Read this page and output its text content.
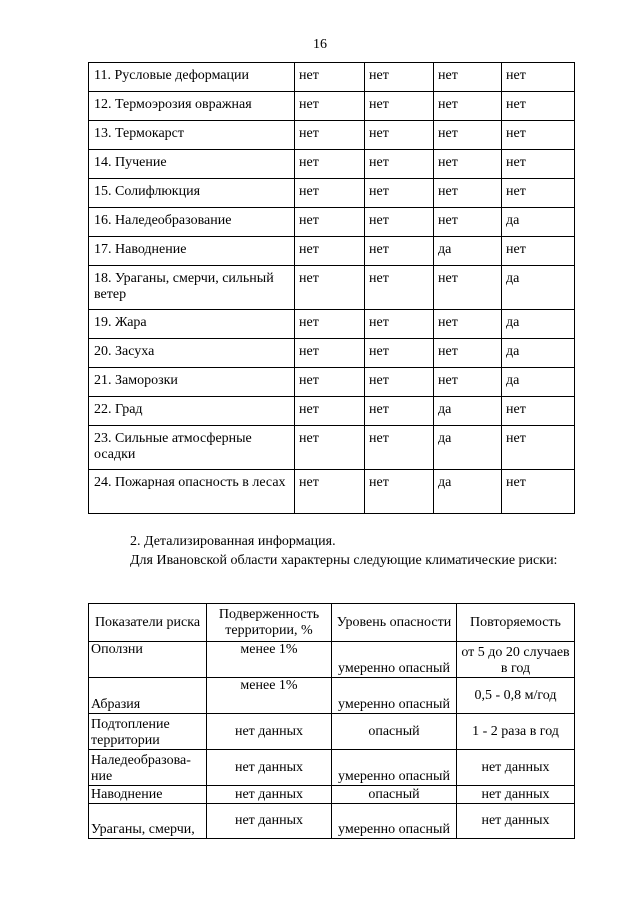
16
11. Русловые деформации	нет	нет	нет	нет
12. Термоэрозия овражная	нет	нет	нет	нет
13. Термокарст	нет	нет	нет	нет
14. Пучение	нет	нет	нет	нет
15. Солифлюкция	нет	нет	нет	нет
16. Наледеобразование	нет	нет	нет	да
17. Наводнение	нет	нет	да	нет
18. Ураганы, смерчи, сильный ветер	нет	нет	нет	да
19. Жара	нет	нет	нет	да
20. Засуха	нет	нет	нет	да
21. Заморозки	нет	нет	нет	да
22. Град	нет	нет	да	нет
23. Сильные атмосферные осадки	нет	нет	да	нет
24. Пожарная опасность в лесах	нет	нет	да	нет
2. Детализированная информация.
Для Ивановской области характерны следующие климатические риски:
Показатели риска	Подверженность территории, %	Уровень опасности	Повторяемость
Оползни	менее 1%	умеренно опасный	от 5 до 20 случаев в год
Абразия	менее 1%	умеренно опасный	0,5 - 0,8 м/год
Подтопление территории	нет данных	опасный	1 - 2 раза в год
Наледеобразова-ние	нет данных	умеренно опасный	нет данных
Наводнение	нет данных	опасный	нет данных
Ураганы, смерчи,	нет данных	умеренно опасный	нет данных
